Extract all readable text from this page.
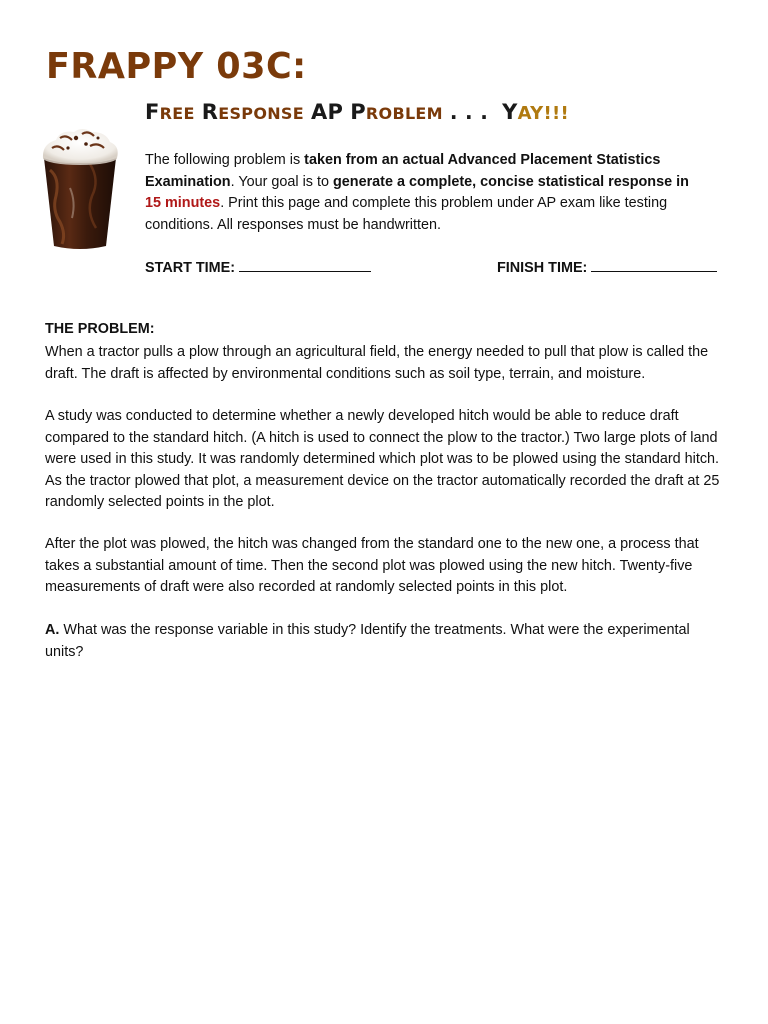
FRAPPY 03C:
FREE RESPONSE AP PROBLEM . . . YAY!!!

The following problem is taken from an actual Advanced Placement Statistics Examination. Your goal is to generate a complete, concise statistical response in
15 minutes. Print this page and complete this problem under AP exam like testing conditions. All responses must be handwritten.

START TIME:	FINISH TIME:

THE PROBLEM:

When a tractor pulls a plow through an agricultural field, the energy needed to pull that plow is called the draft. The draft is affected by environmental conditions such as soil type, terrain, and moisture.

A study was conducted to determine whether a newly developed hitch would be able to reduce draft compared to the standard hitch. (A hitch is used to connect the plow to the tractor.) Two large plots of land were used in this study. It was randomly determined which plot was to be plowed using the standard hitch. As the tractor plowed that plot, a measurement device on the tractor automatically recorded the draft at 25 randomly selected points in the plot.

After the plot was plowed, the hitch was changed from the standard one to the new one, a process that takes a substantial amount of time. Then the second plot was plowed using the new hitch. Twenty-five measurements of draft were also recorded at randomly selected points in this plot.

A. What was the response variable in this study? Identify the treatments. What were the experimental units?
